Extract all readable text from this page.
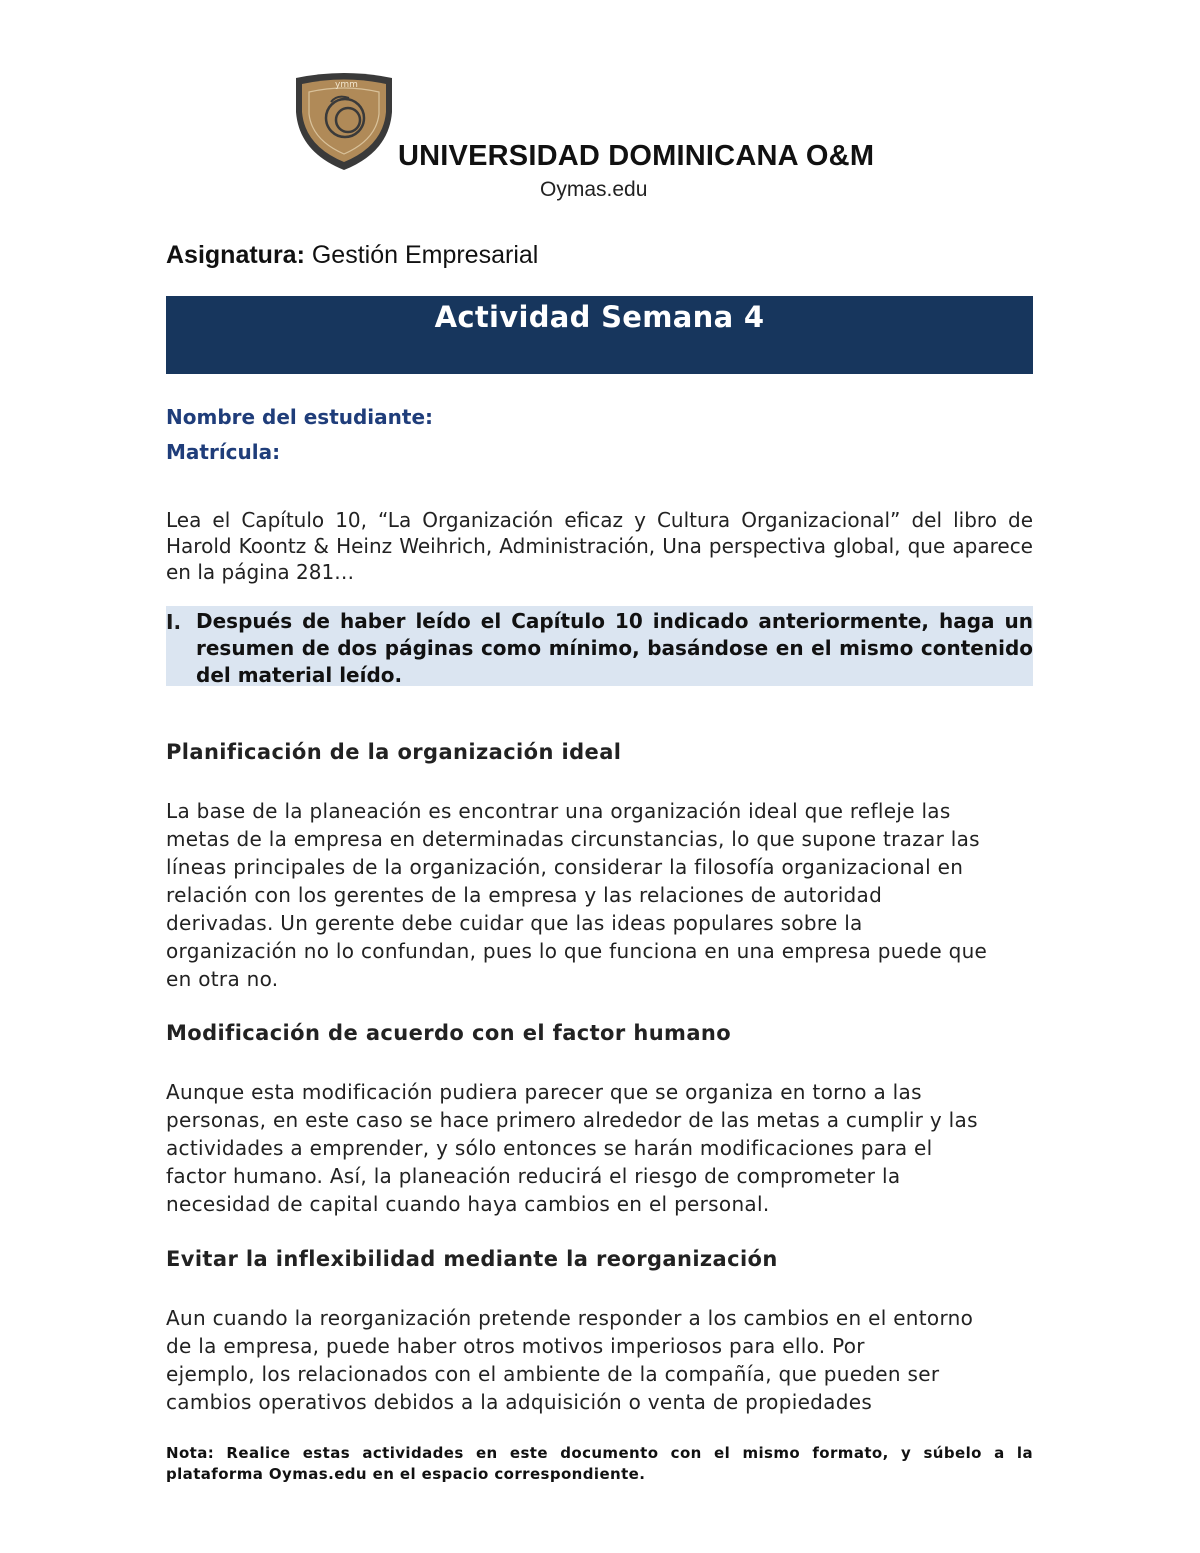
ymm
UNIVERSIDAD DOMINICANA O&M
Oymas.edu
Asignatura: Gestión Empresarial
Actividad Semana 4
Nombre del estudiante:
Matrícula:
Lea el Capítulo 10, “La Organización eficaz y Cultura Organizacional” del libro de Harold Koontz & Heinz Weihrich, Administración, Una perspectiva global, que aparece en la página 281…
I. Después de haber leído el Capítulo 10 indicado anteriormente, haga un resumen de dos páginas como mínimo, basándose en el mismo contenido del material leído.
Planificación de la organización ideal
La base de la planeación es encontrar una organización ideal que refleje las
metas de la empresa en determinadas circunstancias, lo que supone trazar las
líneas principales de la organización, considerar la filosofía organizacional en
relación con los gerentes de la empresa y las relaciones de autoridad
derivadas. Un gerente debe cuidar que las ideas populares sobre la
organización no lo confundan, pues lo que funciona en una empresa puede que
en otra no.
Modificación de acuerdo con el factor humano
Aunque esta modificación pudiera parecer que se organiza en torno a las
personas, en este caso se hace primero alrededor de las metas a cumplir y las
actividades a emprender, y sólo entonces se harán modificaciones para el
factor humano. Así, la planeación reducirá el riesgo de comprometer la
necesidad de capital cuando haya cambios en el personal.
Evitar la inflexibilidad mediante la reorganización
Aun cuando la reorganización pretende responder a los cambios en el entorno
de la empresa, puede haber otros motivos imperiosos para ello. Por
ejemplo, los relacionados con el ambiente de la compañía, que pueden ser
cambios operativos debidos a la adquisición o venta de propiedades
Nota: Realice estas actividades en este documento con el mismo formato, y súbelo a la plataforma Oymas.edu en el espacio correspondiente.
